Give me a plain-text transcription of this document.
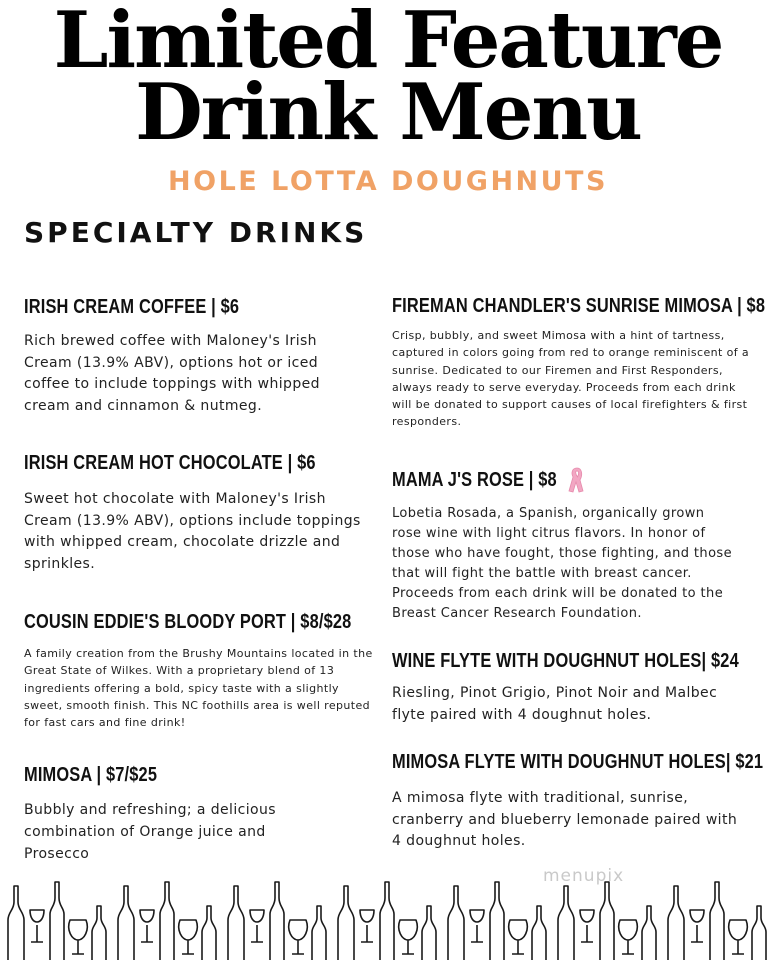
Limited Feature
Drink Menu
HOLE LOTTA DOUGHNUTS
SPECIALTY DRINKS
IRISH CREAM COFFEE | $6

Rich brewed coffee with Maloney's Irish Cream (13.9% ABV), options hot or iced coffee to include toppings with whipped cream and cinnamon & nutmeg.

IRISH CREAM HOT CHOCOLATE | $6

Sweet hot chocolate with Maloney's Irish Cream (13.9% ABV), options include toppings with whipped cream, chocolate drizzle and sprinkles.

COUSIN EDDIE'S BLOODY PORT | $8/$28

A family creation from the Brushy Mountains located in the Great State of Wilkes. With a proprietary blend of 13 ingredients offering a bold, spicy taste with a slightly sweet, smooth finish. This NC foothills area is well reputed for fast cars and fine drink!

MIMOSA | $7/$25

Bubbly and refreshing; a delicious combination of Orange juice and Prosecco

FIREMAN CHANDLER'S SUNRISE MIMOSA | $8

Crisp, bubbly, and sweet Mimosa with a hint of tartness, captured in colors going from red to orange reminiscent of a sunrise. Dedicated to our Firemen and First Responders, always ready to serve everyday. Proceeds from each drink will be donated to support causes of local firefighters & first responders.

MAMA J'S ROSE | $8

Lobetia Rosada, a Spanish, organically grown rose wine with light citrus flavors. In honor of those who have fought, those fighting, and those that will fight the battle with breast cancer. Proceeds from each drink will be donated to the Breast Cancer Research Foundation.

WINE FLYTE WITH DOUGHNUT HOLES| $24

Riesling, Pinot Grigio, Pinot Noir and Malbec flyte paired with 4 doughnut holes.

MIMOSA FLYTE WITH DOUGHNUT HOLES| $21

A mimosa flyte with traditional, sunrise, cranberry and blueberry lemonade paired with 4 doughnut holes.

menupix
